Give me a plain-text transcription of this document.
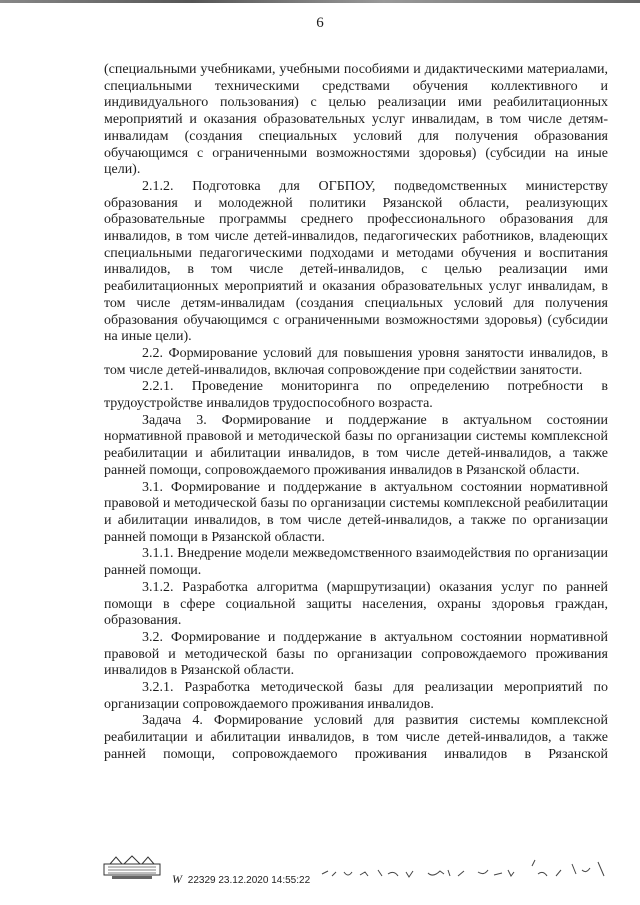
6

(специальными учебниками, учебными пособиями и дидактическими материалами, специальными техническими средствами обучения коллективного и индивидуального пользования) с целью реализации ими реабилитационных мероприятий и оказания образовательных услуг инвалидам, в том числе детям-инвалидам (создания специальных условий для получения образования обучающимся с ограниченными возможностями здоровья) (субсидии на иные цели).

2.1.2. Подготовка для ОГБПОУ, подведомственных министерству образования и молодежной политики Рязанской области, реализующих образовательные программы среднего профессионального образования для инвалидов, в том числе детей-инвалидов, педагогических работников, владеющих специальными педагогическими подходами и методами обучения и воспитания инвалидов, в том числе детей-инвалидов, с целью реализации ими реабилитационных мероприятий и оказания образовательных услуг инвалидам, в том числе детям-инвалидам (создания специальных условий для получения образования обучающимся с ограниченными возможностями здоровья) (субсидии на иные цели).

2.2. Формирование условий для повышения уровня занятости инвалидов, в том числе детей-инвалидов, включая сопровождение при содействии занятости.

2.2.1. Проведение мониторинга по определению потребности в трудоустройстве инвалидов трудоспособного возраста.

Задача 3. Формирование и поддержание в актуальном состоянии нормативной правовой и методической базы по организации системы комплексной реабилитации и абилитации инвалидов, в том числе детей-инвалидов, а также ранней помощи, сопровождаемого проживания инвалидов в Рязанской области.

3.1. Формирование и поддержание в актуальном состоянии нормативной правовой и методической базы по организации системы комплексной реабилитации и абилитации инвалидов, в том числе детей-инвалидов, а также по организации ранней помощи в Рязанской области.

3.1.1. Внедрение модели межведомственного взаимодействия по организации ранней помощи.

3.1.2. Разработка алгоритма (маршрутизации) оказания услуг по ранней помощи в сфере социальной защиты населения, охраны здоровья граждан, образования.

3.2. Формирование и поддержание в актуальном состоянии нормативной правовой и методической базы по организации сопровождаемого проживания инвалидов в Рязанской области.

3.2.1. Разработка методической базы для реализации мероприятий по организации сопровождаемого проживания инвалидов.

Задача 4. Формирование условий для развития системы комплексной реабилитации и абилитации инвалидов, в том числе детей-инвалидов, а также ранней помощи, сопровождаемого проживания инвалидов в Рязанской

W 22329 23.12.2020 14:55:22
